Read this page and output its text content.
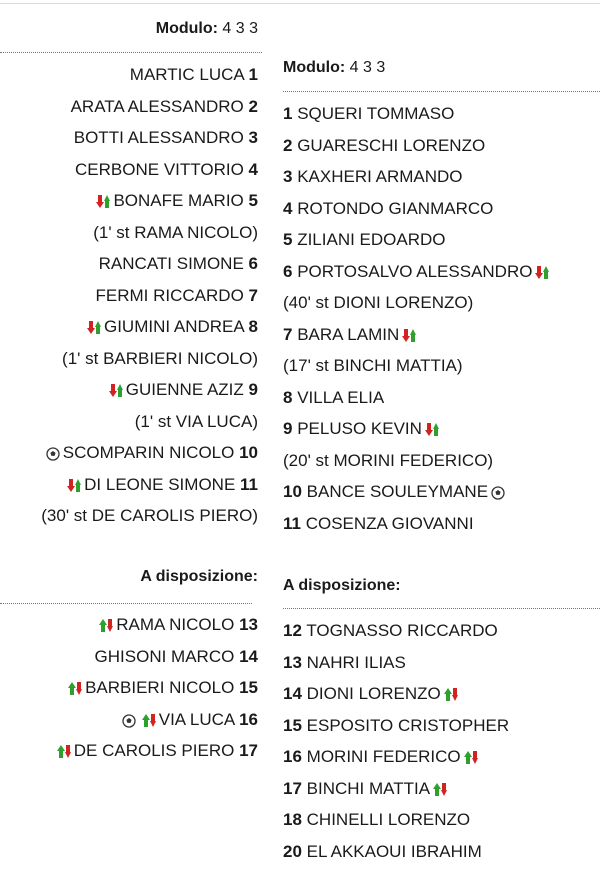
Modulo: 4 3 3
MARTIC LUCA 1
ARATA ALESSANDRO 2
BOTTI ALESSANDRO 3
CERBONE VITTORIO 4
BONAFE MARIO 5
(1' st RAMA NICOLO)
RANCATI SIMONE 6
FERMI RICCARDO 7
GIUMINI ANDREA 8
(1' st BARBIERI NICOLO)
GUIENNE AZIZ 9
(1' st VIA LUCA)
SCOMPARIN NICOLO 10
DI LEONE SIMONE 11
(30' st DE CAROLIS PIERO)
A disposizione:
RAMA NICOLO 13
GHISONI MARCO 14
BARBIERI NICOLO 15
VIA LUCA 16
DE CAROLIS PIERO 17
Modulo: 4 3 3
1 SQUERI TOMMASO
2 GUARESCHI LORENZO
3 KAXHERI ARMANDO
4 ROTONDO GIANMARCO
5 ZILIANI EDOARDO
6 PORTOSALVO ALESSANDRO
(40' st DIONI LORENZO)
7 BARA LAMIN
(17' st BINCHI MATTIA)
8 VILLA ELIA
9 PELUSO KEVIN
(20' st MORINI FEDERICO)
10 BANCE SOULEYMANE
11 COSENZA GIOVANNI
A disposizione:
12 TOGNASSO RICCARDO
13 NAHRI ILIAS
14 DIONI LORENZO
15 ESPOSITO CRISTOPHER
16 MORINI FEDERICO
17 BINCHI MATTIA
18 CHINELLI LORENZO
20 EL AKKAOUI IBRAHIM
